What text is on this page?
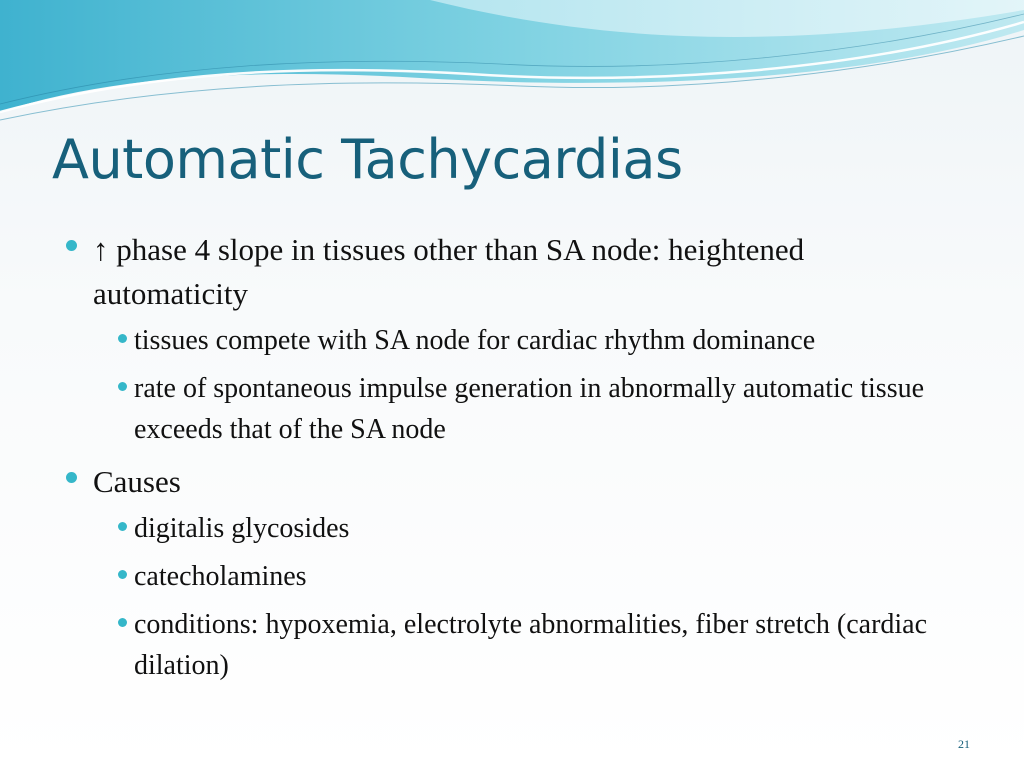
Automatic Tachycardias
↑ phase 4 slope in tissues other than SA node: heightened automaticity
tissues compete with SA node for cardiac rhythm dominance
rate of spontaneous impulse generation in abnormally automatic tissue exceeds that of the SA node
Causes
digitalis glycosides
catecholamines
conditions: hypoxemia, electrolyte abnormalities, fiber stretch (cardiac dilation)
21
